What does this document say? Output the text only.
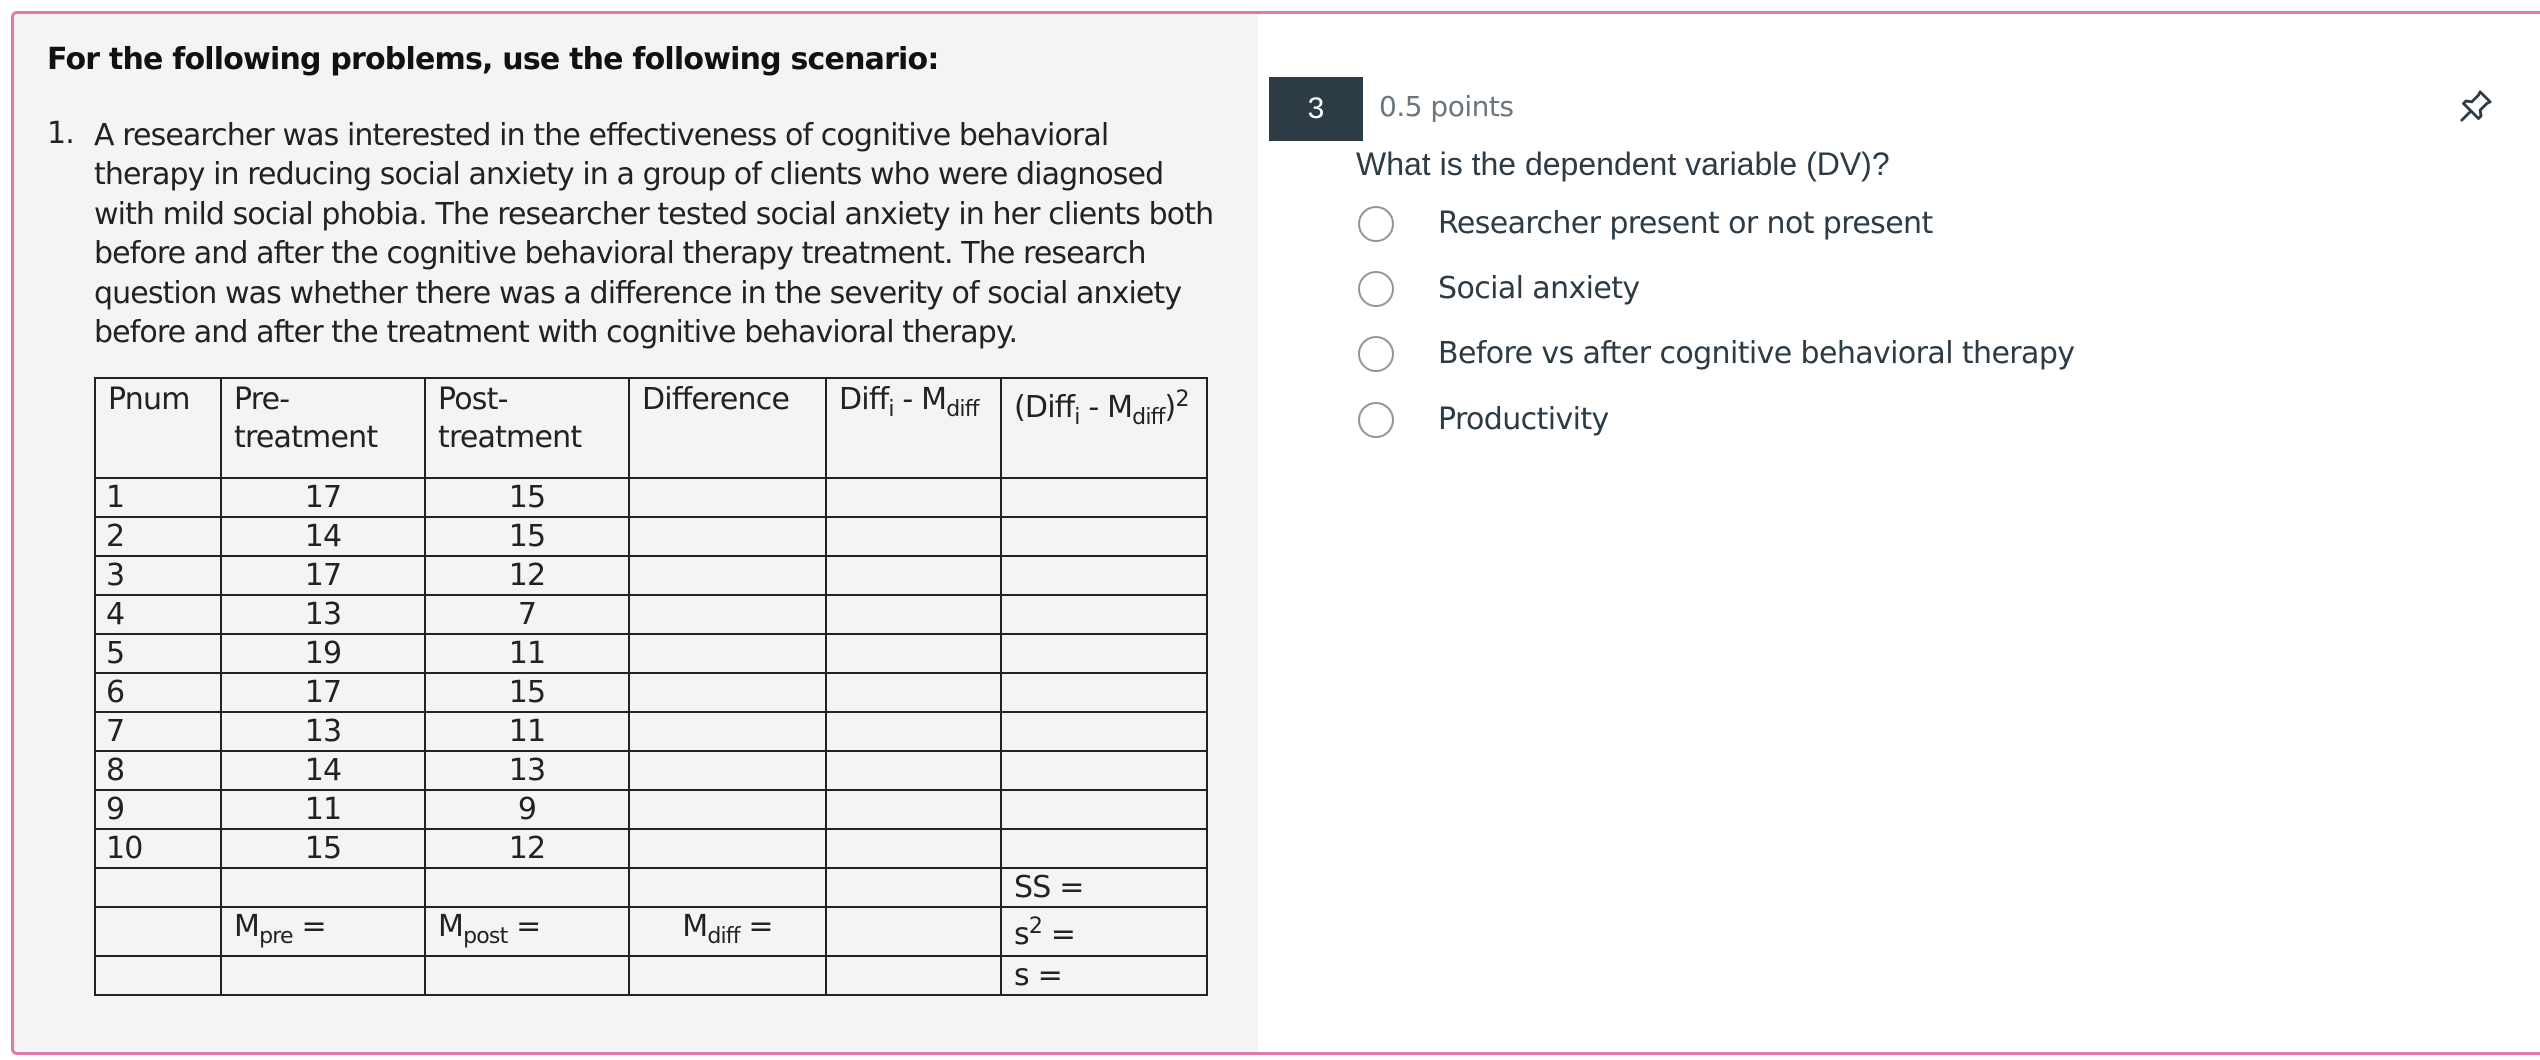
For the following problems, use the following scenario:
1. A researcher was interested in the effectiveness of cognitive behavioral therapy in reducing social anxiety in a group of clients who were diagnosed with mild social phobia. The researcher tested social anxiety in her clients both before and after the cognitive behavioral therapy treatment. The research question was whether there was a difference in the severity of social anxiety before and after the treatment with cognitive behavioral therapy.

Pnum	Pre-treatment	Post-treatment	Difference	Diff$_i$ - $M_{diff}$	(Diff$_i$ - $M_{diff})^2$
1	17	15			
2	14	15			
3	17	12			
4	13	7			
5	19	11			
6	17	15			
7	13	11			
8	14	13			
9	11	9			
10	15	12			
					SS =
	$M_{pre}$ =	$M_{post}$ =	$M_{diff}$ =		$s^2$ =
					s =
3	0.5 points

What is the dependent variable (DV)?

Researcher present or not present
Social anxiety
Before vs after cognitive behavioral therapy
Productivity
